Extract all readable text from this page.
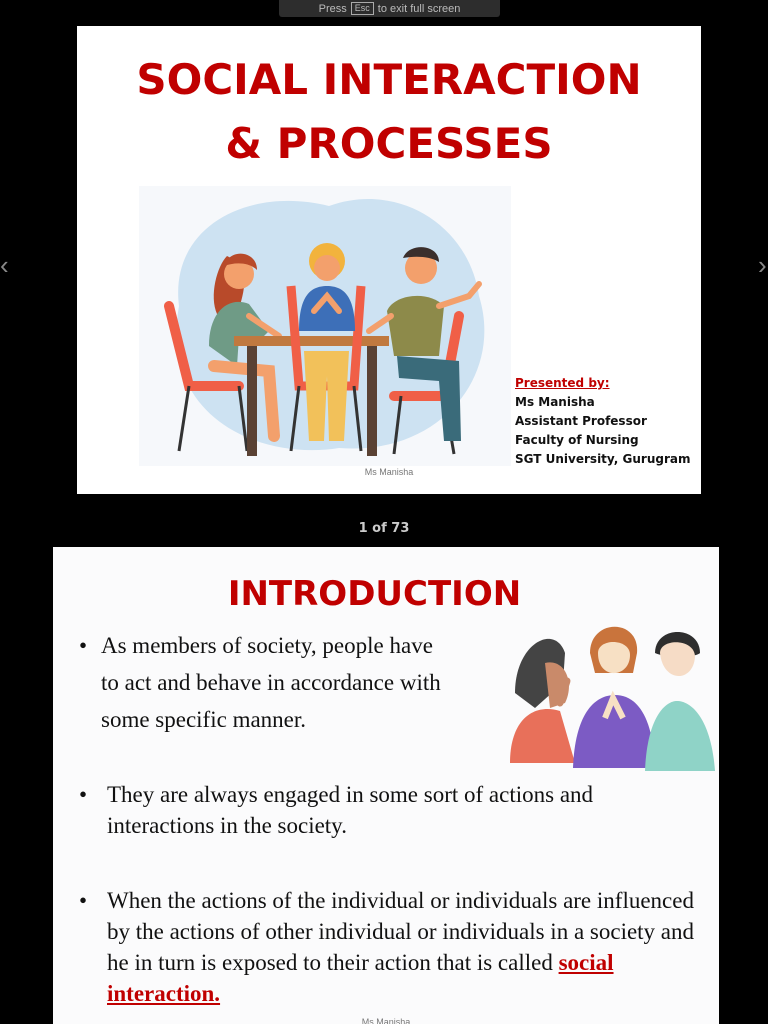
Press Esc to exit full screen
‹	›
SOCIAL INTERACTION
& PROCESSES
Presented by:
Ms Manisha
Assistant Professor
Faculty of Nursing
SGT University, Gurugram
Ms Manisha
1 of 73
INTRODUCTION
• As members of society, people have
to act and behave in accordance with
some specific manner.
• They are always engaged in some sort of actions and interactions in the society.
• When the actions of the individual or individuals are influenced by the actions of other individual or individuals in a society and he in turn is exposed to their action that is called social interaction.
Ms Manisha
